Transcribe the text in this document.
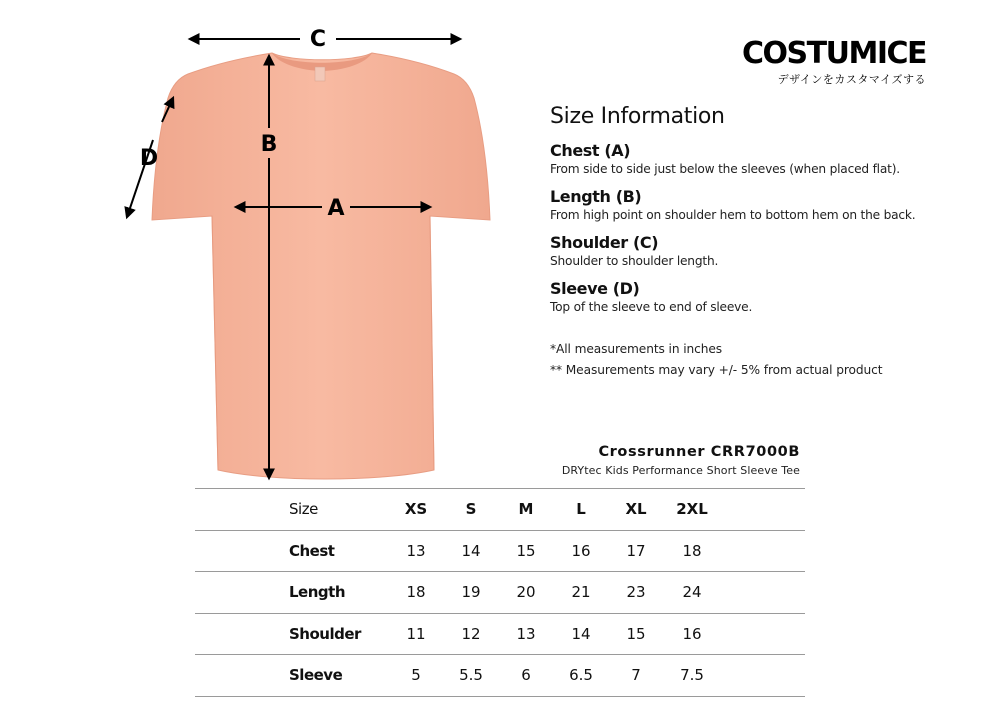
C
B
A
D
COSTUMICE
デザインをカスタマイズする
Size Information
Chest (A)
From side to side just below the sleeves (when placed flat).
Length (B)
From high point on shoulder hem to bottom hem on the back.
Shoulder (C)
Shoulder to shoulder length.
Sleeve (D)
Top of the sleeve to end of sleeve.
*All measurements in inches
** Measurements may vary +/- 5% from actual product
Crossrunner CRR7000B
DRYtec Kids Performance Short Sleeve Tee
Size	XS	S	M	L	XL	2XL
Chest	13	14	15	16	17	18
Length	18	19	20	21	23	24
Shoulder	11	12	13	14	15	16
Sleeve	5	5.5	6	6.5	7	7.5
